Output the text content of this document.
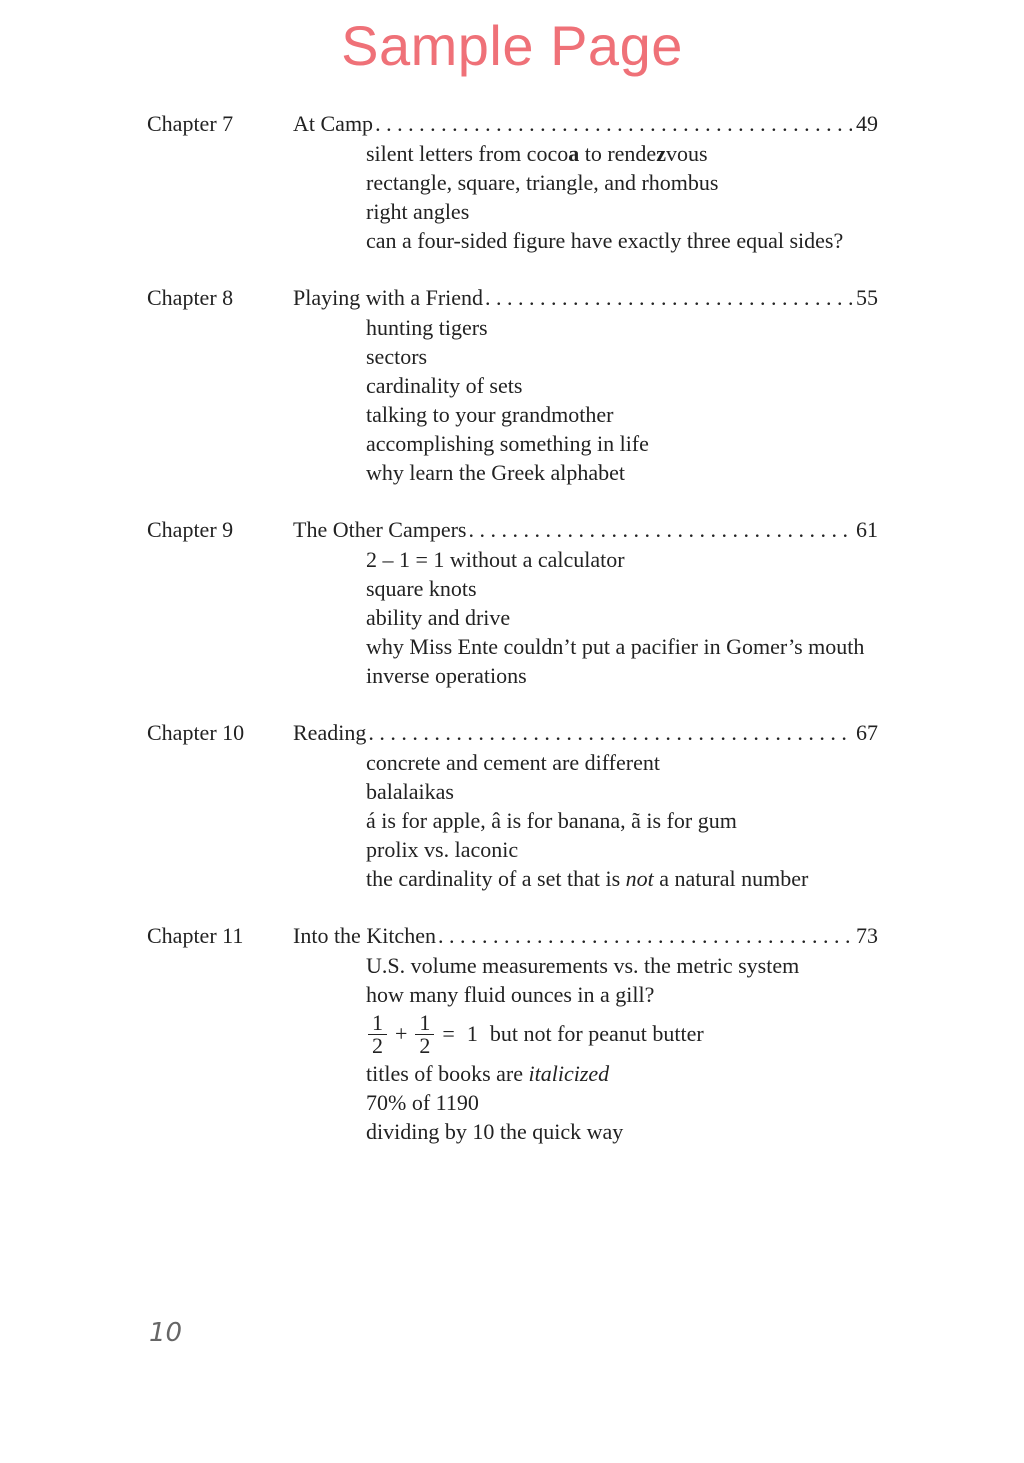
Sample Page
Chapter 7	At Camp . . .	49
silent letters from cocoa to rendezvous
rectangle, square, triangle, and rhombus
right angles
can a four-sided figure have exactly three equal sides?
Chapter 8	Playing with a Friend . . .	55
hunting tigers
sectors
cardinality of sets
talking to your grandmother
accomplishing something in life
why learn the Greek alphabet
Chapter 9	The Other Campers . . .	61
2 – 1 = 1 without a calculator
square knots
ability and drive
why Miss Ente couldn’t put a pacifier in Gomer’s mouth
inverse operations
Chapter 10	Reading . . .	67
concrete and cement are different
balalaikas
á is for apple, â is for banana, ã is for gum
prolix vs. laconic
the cardinality of a set that is not a natural number
Chapter 11	Into the Kitchen . . .	73
U.S. volume measurements vs. the metric system
how many fluid ounces in a gill?
$\frac{1}{2} + \frac{1}{2} = 1$ but not for peanut butter
titles of books are italicized
70% of 1190
dividing by 10 the quick way
10
